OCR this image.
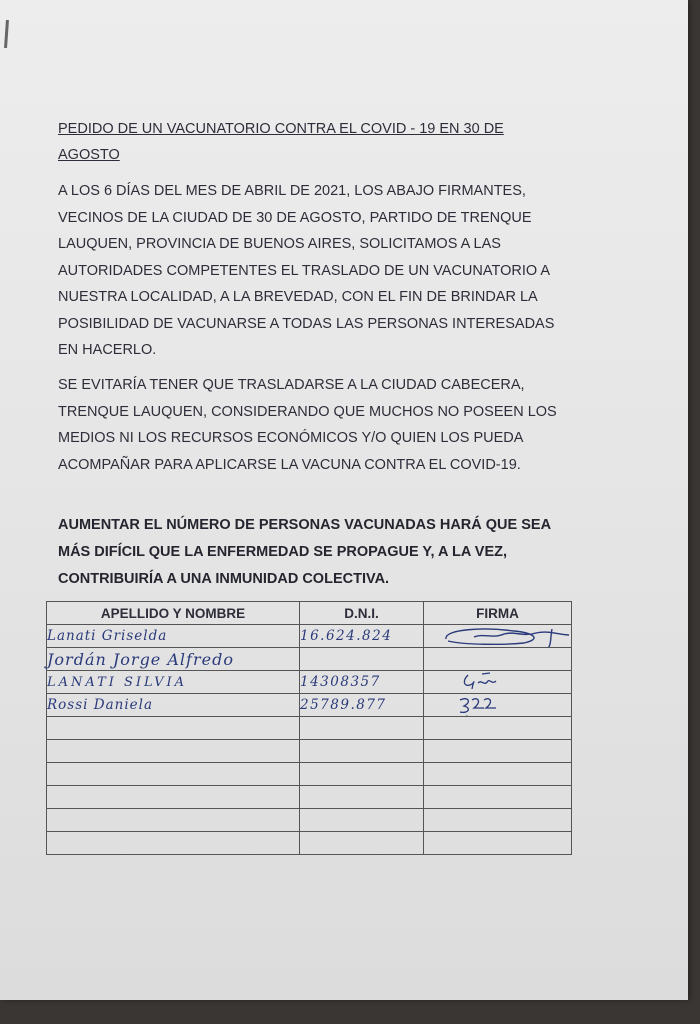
PEDIDO DE UN VACUNATORIO CONTRA EL COVID - 19 EN 30 DE AGOSTO

A LOS 6 DÍAS DEL MES DE ABRIL DE 2021, LOS ABAJO FIRMANTES, VECINOS DE LA CIUDAD DE 30 DE AGOSTO, PARTIDO DE TRENQUE LAUQUEN, PROVINCIA DE BUENOS AIRES, SOLICITAMOS A LAS AUTORIDADES COMPETENTES EL TRASLADO DE UN VACUNATORIO A NUESTRA LOCALIDAD, A LA BREVEDAD, CON EL FIN DE BRINDAR LA POSIBILIDAD DE VACUNARSE A TODAS LAS PERSONAS INTERESADAS EN HACERLO.

SE EVITARÍA TENER QUE TRASLADARSE A LA CIUDAD CABECERA, TRENQUE LAUQUEN, CONSIDERANDO QUE MUCHOS NO POSEEN LOS MEDIOS NI LOS RECURSOS ECONÓMICOS Y/O QUIEN LOS PUEDA ACOMPAÑAR PARA APLICARSE LA VACUNA CONTRA EL COVID-19.

AUMENTAR EL NÚMERO DE PERSONAS VACUNADAS HARÁ QUE SEA MÁS DIFÍCIL QUE LA ENFERMEDAD SE PROPAGUE Y, A LA VEZ, CONTRIBUIRÍA A UNA INMUNIDAD COLECTIVA.

APELLIDO Y NOMBRE	D.N.I.	FIRMA
Lanati Griselda	16.624.824	

Jordán Jorge Alfredo		
LANATI SILVIA	14308357	

Rossi Daniela	25789.877	
